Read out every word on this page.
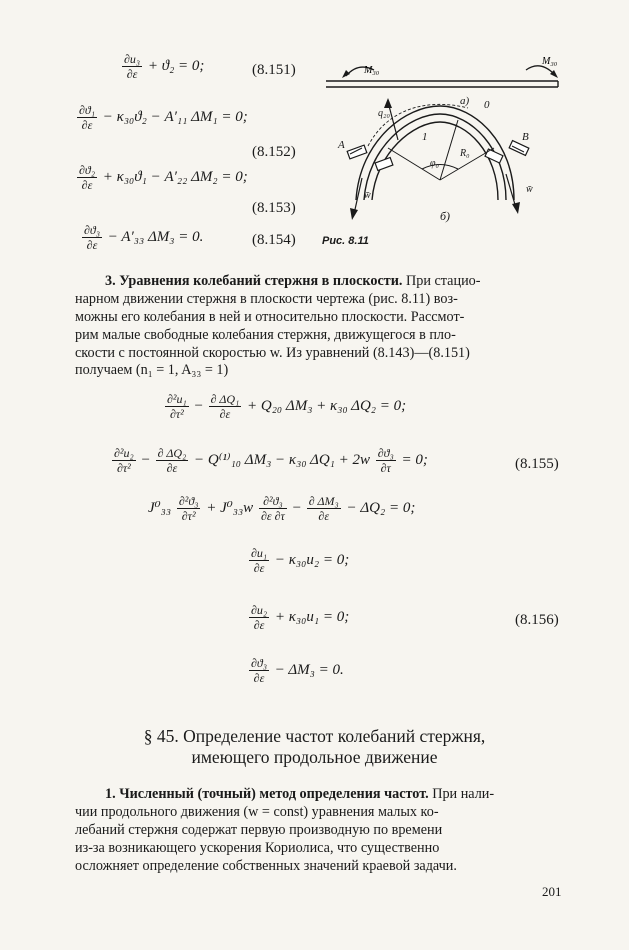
$\frac{\text{∂u₃}}{\partial\varepsilon} + ϑ_2 = 0$;	(8.151)
$\frac{\text{∂ϑ₁}}{\partial\varepsilon} - \kappa_{30}ϑ_2 - A'_{11}$ ΔM₁ = 0;
(8.152)
$\frac{\text{∂ϑ₂}}{\partial\varepsilon} + \kappa_{30}ϑ_1 - A'_{22}$ ΔM₂ = 0;
(8.153)
$\frac{\text{∂ϑ₃}}{\partial\varepsilon} - A'_{33}$ ΔM₃ = 0.	(8.154) Рис. 8.11
M₃₀
M₃₀
q₂₀
a) 0
1
φ₀
R₀
A
B
w̄
w̄
б)
3. Уравнения колебаний стержня в плоскости. При стацио-
нарном движении стержня в плоскости чертежа (рис. 8.11) воз-
можны его колебания в ней и относительно плоскости. Рассмот-
рим малые свободные колебания стержня, движущегося в пло-
скости с постоянной скоростью w. Из уравнений (8.143)—(8.151)
получаем (n₁ = 1, A₃₃ = 1)
$\frac{\text{∂²u₁}}{\text{∂τ²}} - \frac{\text{∂ ΔQ₁}}{\partial\varepsilon} + Q_{20}$ ΔM₃ + κ₃₀ ΔQ₂ = 0;
$\frac{\text{∂²u₂}}{\text{∂τ²}} - \frac{\text{∂ ΔQ₂}}{\partial\varepsilon} - Q^{(1)}_{10}$ ΔM₃ − κ₃₀ $\Delta Q_1 + 2w \frac{\text{∂ϑ₃}}{\partial\tau} = 0$;	(8.155)
$J^0_{33} \frac{\text{∂²ϑ₃}}{\text{∂τ²}} + J^0_{33}w \frac{\text{∂²ϑ₃}}{\partial\varepsilon \partial\tau} - \frac{\text{∂ ΔM₃}}{\partial\varepsilon} - \Delta Q_2 = 0$;
$\frac{\text{∂u₁}}{\partial\varepsilon} - \kappa_{30}u_2 = 0$;
$\frac{\text{∂u₂}}{\partial\varepsilon} + \kappa_{30}u_1 = 0$;	(8.156)
$\frac{\text{∂ϑ₃}}{\partial\varepsilon} - \Delta M_3 = 0$.
§ 45. Определение частот колебаний стержня,
имеющего продольное движение
1. Численный (точный) метод определения частот. При нали-
чии продольного движения (w = const) уравнения малых ко-
лебаний стержня содержат первую производную по времени
из-за возникающего ускорения Кориолиса, что существенно
осложняет определение собственных значений краевой задачи.
201
